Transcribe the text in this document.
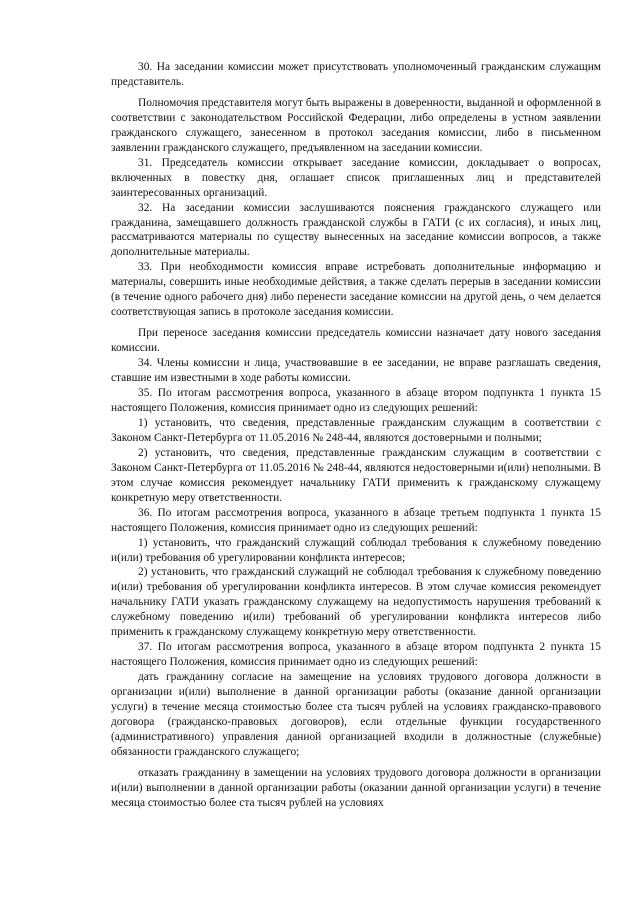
30. На заседании комиссии может присутствовать уполномоченный гражданским служащим представитель.

Полномочия представителя могут быть выражены в доверенности, выданной и оформленной в соответствии с законодательством Российской Федерации, либо определены в устном заявлении гражданского служащего, занесенном в протокол заседания комиссии, либо в письменном заявлении гражданского служащего, предъявленном на заседании комиссии.

31. Председатель комиссии открывает заседание комиссии, докладывает о вопросах, включенных в повестку дня, оглашает список приглашенных лиц и представителей заинтересованных организаций.

32. На заседании комиссии заслушиваются пояснения гражданского служащего или гражданина, замещавшего должность гражданской службы в ГАТИ (с их согласия), и иных лиц, рассматриваются материалы по существу вынесенных на заседание комиссии вопросов, а также дополнительные материалы.

33. При необходимости комиссия вправе истребовать дополнительные информацию и материалы, совершить иные необходимые действия, а также сделать перерыв в заседании комиссии (в течение одного рабочего дня) либо перенести заседание комиссии на другой день, о чем делается соответствующая запись в протоколе заседания комиссии.

При переносе заседания комиссии председатель комиссии назначает дату нового заседания комиссии.

34. Члены комиссии и лица, участвовавшие в ее заседании, не вправе разглашать сведения, ставшие им известными в ходе работы комиссии.

35. По итогам рассмотрения вопроса, указанного в абзаце втором подпункта 1 пункта 15 настоящего Положения, комиссия принимает одно из следующих решений:

1) установить, что сведения, представленные гражданским служащим в соответствии с Законом Санкт-Петербурга от 11.05.2016 № 248-44, являются достоверными и полными;

2) установить, что сведения, представленные гражданским служащим в соответствии с Законом Санкт-Петербурга от 11.05.2016 № 248-44, являются недостоверными и(или) неполными. В этом случае комиссия рекомендует начальнику ГАТИ применить к гражданскому служащему конкретную меру ответственности.

36. По итогам рассмотрения вопроса, указанного в абзаце третьем подпункта 1 пункта 15 настоящего Положения, комиссия принимает одно из следующих решений:

1) установить, что гражданский служащий соблюдал требования к служебному поведению и(или) требования об урегулировании конфликта интересов;

2) установить, что гражданский служащий не соблюдал требования к служебному поведению и(или) требования об урегулировании конфликта интересов. В этом случае комиссия рекомендует начальнику ГАТИ указать гражданскому служащему на недопустимость нарушения требований к служебному поведению и(или) требований об урегулировании конфликта интересов либо применить к гражданскому служащему конкретную меру ответственности.

37. По итогам рассмотрения вопроса, указанного в абзаце втором подпункта 2 пункта 15 настоящего Положения, комиссия принимает одно из следующих решений:

дать гражданину согласие на замещение на условиях трудового договора должности в организации и(или) выполнение в данной организации работы (оказание данной организации услуги) в течение месяца стоимостью более ста тысяч рублей на условиях гражданско-правового договора (гражданско-правовых договоров), если отдельные функции государственного (административного) управления данной организацией входили в должностные (служебные) обязанности гражданского служащего;

отказать гражданину в замещении на условиях трудового договора должности в организации и(или) выполнении в данной организации работы (оказании данной организации услуги) в течение месяца стоимостью более ста тысяч рублей на условиях
